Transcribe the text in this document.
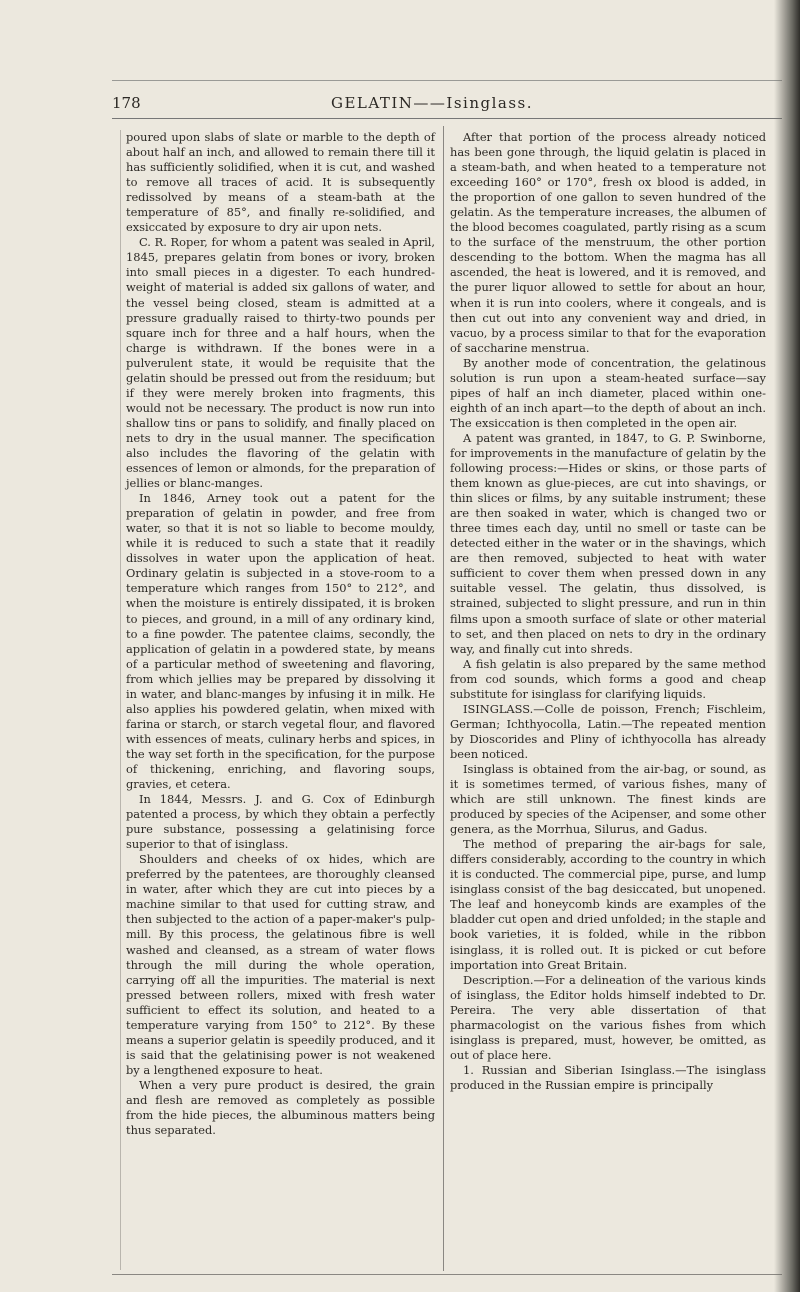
178	GELATIN——Isinglass.

poured upon slabs of slate or marble to the depth of about half an inch, and allowed to remain there till it has sufficiently solidified, when it is cut, and washed to remove all traces of acid. It is subsequently redissolved by means of a steam-bath at the temperature of 85°, and finally re-solidified, and exsiccated by exposure to dry air upon nets.

C. R. Roper, for whom a patent was sealed in April, 1845, prepares gelatin from bones or ivory, broken into small pieces in a digester. To each hundred-weight of material is added six gallons of water, and the vessel being closed, steam is admitted at a pressure gradually raised to thirty-two pounds per square inch for three and a half hours, when the charge is withdrawn. If the bones were in a pulverulent state, it would be requisite that the gelatin should be pressed out from the residuum; but if they were merely broken into fragments, this would not be necessary. The product is now run into shallow tins or pans to solidify, and finally placed on nets to dry in the usual manner. The specification also includes the flavoring of the gelatin with essences of lemon or almonds, for the preparation of jellies or blanc-manges.

In 1846, Arney took out a patent for the preparation of gelatin in powder, and free from water, so that it is not so liable to become mouldy, while it is reduced to such a state that it readily dissolves in water upon the application of heat. Ordinary gelatin is subjected in a stove-room to a temperature which ranges from 150° to 212°, and when the moisture is entirely dissipated, it is broken to pieces, and ground, in a mill of any ordinary kind, to a fine powder. The patentee claims, secondly, the application of gelatin in a powdered state, by means of a particular method of sweetening and flavoring, from which jellies may be prepared by dissolving it in water, and blanc-manges by infusing it in milk. He also applies his powdered gelatin, when mixed with farina or starch, or starch vegetal flour, and flavored with essences of meats, culinary herbs and spices, in the way set forth in the specification, for the purpose of thickening, enriching, and flavoring soups, gravies, et cetera.

In 1844, Messrs. J. and G. Cox of Edinburgh patented a process, by which they obtain a perfectly pure substance, possessing a gelatinising force superior to that of isinglass.

Shoulders and cheeks of ox hides, which are preferred by the patentees, are thoroughly cleansed in water, after which they are cut into pieces by a machine similar to that used for cutting straw, and then subjected to the action of a paper-maker's pulp-mill. By this process, the gelatinous fibre is well washed and cleansed, as a stream of water flows through the mill during the whole operation, carrying off all the impurities. The material is next pressed between rollers, mixed with fresh water sufficient to effect its solution, and heated to a temperature varying from 150° to 212°. By these means a superior gelatin is speedily produced, and it is said that the gelatinising power is not weakened by a lengthened exposure to heat.

When a very pure product is desired, the grain and flesh are removed as completely as possible from the hide pieces, the albuminous matters being thus separated.

After that portion of the process already noticed has been gone through, the liquid gelatin is placed in a steam-bath, and when heated to a temperature not exceeding 160° or 170°, fresh ox blood is added, in the proportion of one gallon to seven hundred of the gelatin. As the temperature increases, the albumen of the blood becomes coagulated, partly rising as a scum to the surface of the menstruum, the other portion descending to the bottom. When the magma has all ascended, the heat is lowered, and it is removed, and the purer liquor allowed to settle for about an hour, when it is run into coolers, where it congeals, and is then cut out into any convenient way and dried, in vacuo, by a process similar to that for the evaporation of saccharine menstrua.

By another mode of concentration, the gelatinous solution is run upon a steam-heated surface—say pipes of half an inch diameter, placed within one-eighth of an inch apart—to the depth of about an inch. The exsiccation is then completed in the open air.

A patent was granted, in 1847, to G. P. Swinborne, for improvements in the manufacture of gelatin by the following process:—Hides or skins, or those parts of them known as glue-pieces, are cut into shavings, or thin slices or films, by any suitable instrument; these are then soaked in water, which is changed two or three times each day, until no smell or taste can be detected either in the water or in the shavings, which are then removed, subjected to heat with water sufficient to cover them when pressed down in any suitable vessel. The gelatin, thus dissolved, is strained, subjected to slight pressure, and run in thin films upon a smooth surface of slate or other material to set, and then placed on nets to dry in the ordinary way, and finally cut into shreds.

A fish gelatin is also prepared by the same method from cod sounds, which forms a good and cheap substitute for isinglass for clarifying liquids.

ISINGLASS.—Colle de poisson, French; Fischleim, German; Ichthyocolla, Latin.—The repeated mention by Dioscorides and Pliny of ichthyocolla has already been noticed.

Isinglass is obtained from the air-bag, or sound, as it is sometimes termed, of various fishes, many of which are still unknown. The finest kinds are produced by species of the Acipenser, and some other genera, as the Morrhua, Silurus, and Gadus.

The method of preparing the air-bags for sale, differs considerably, according to the country in which it is conducted. The commercial pipe, purse, and lump isinglass consist of the bag desiccated, but unopened. The leaf and honeycomb kinds are examples of the bladder cut open and dried unfolded; in the staple and book varieties, it is folded, while in the ribbon isinglass, it is rolled out. It is picked or cut before importation into Great Britain.

Description.—For a delineation of the various kinds of isinglass, the Editor holds himself indebted to Dr. Pereira. The very able dissertation of that pharmacologist on the various fishes from which isinglass is prepared, must, however, be omitted, as out of place here.

1. Russian and Siberian Isinglass.—The isinglass produced in the Russian empire is principally
